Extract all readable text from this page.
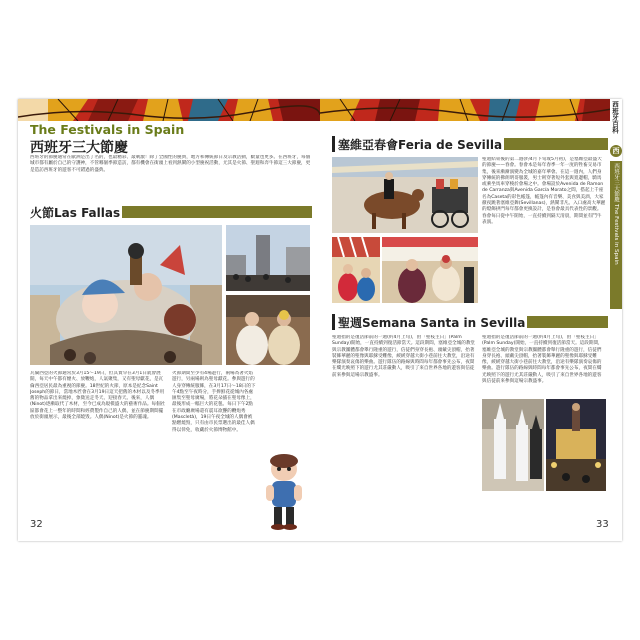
The Festivals in Spain
西班牙三大節慶
西班牙的節慶通常在歐洲是出了名的，也最精彩、最刺激！除了全國性的慶典，地方和傳統節日及宗教活動，數量也更多。在西班牙，每個城市都有屬於自己的守護神，不管哪個季節造訪，都有機會在街頭上看到熱鬧的小型慶祝活動，尤其是火節、聖週和奔牛節這三大節慶，更是造訪西班牙的遊客不可錯過的盛典。
火節Las Fallas
瓦倫西亞的火節通常於3月15～19日，但其實早在3月1日就會展開，每天中午都有煙火、放鞭炮，人氣聚集，又有聖母獻花，是瓦倫西亞居民最為重視的節慶。18世紀的火節，原本是紀念Saint Joseph的節日，當地木匠會在3月19日這天把舊的木材以及冬季用舊的物品拿出來燒掉，象徵送走冬天、迎接春天。後來，人偶(Ninot)逐漸取代了木材，至今已成為規模盛大的藝術作品。每個社區都會花上一整年的時間和經費製作自己的人偶，並在節慶期間擺放於街頭展示，最後全部燒毀。人偶(Ninot)是火節的靈魂。
火節期間至少有4場遊行，兩場為著火焰遊行，另兩場則為聖母獻花。參與遊行的人身穿傳統服飾，在3月17日～18日的下午4點至午夜時分，手捧鮮花從城內各處匯集至聖母廣場，將花朵插在聖母像上，最後形成一幅巨大的花毯。每日下午2點在市政廳廣場還有震耳欲聾的鞭炮秀(Mascletà)，19日午夜全城的人偶會被點燃燒毀，只有由市民票選出的最佳人偶得以倖免，收藏於火節博物館中。
32
塞維亞春會Feria de Sevilla
聖週結束後的第二週(約4月下旬或5月初)，是塞維亞最盛大的節慶——春會。春會本是每年春季一年一度的牲畜交易市集，後來漸漸演變為全城的嘉年華會。在這一週內，人們身穿傳統的佛朗明哥服裝，男士則穿著短外套與寬邊帽，騎馬或乘坐馬車穿梭於會場之中。會場設於Avenida de Ramon de Carranza與Avenida García Morato之間，搭起上千座名為Caseta的彩色帳篷，帳篷內有音樂、美食與美酒，大家徹夜跳著塞維亞舞(Sevillanas)，熱鬧非凡。入口處高大華麗的燈飾拱門每年都會更換設計，是春會最具代表性的景觀。春會每日從中午開始，一直持續到隔天清晨，期間並有鬥牛表演。
聖週Semana Santa in Sevilla
聖週指的是復活節前的一週(約4月上旬)，由「聖枝主日」(Palm Sunday)開始，一直持續到復活節當天。這段期間，塞維亞全城的教堂與宗教團體都會舉行隆重的遊行，信徒們身穿長袍、頭戴尖頂帽，抬著裝飾華麗的聖像與耶穌受難像，緩緩穿越大街小巷前往大教堂，沿途有樂隊演奏哀傷的樂曲。遊行隊伍的路線與時間每年都會事先公布，夜間在燭光映照下的遊行尤其莊嚴動人，吸引了來自世界各地的遊客與信徒前來參與這場宗教盛事。
聖週指的是復活節前的一週(約4月上旬)，由「聖枝主日」(Palm Sunday)開始，一直持續到復活節當天。這段期間，塞維亞全城的教堂與宗教團體都會舉行隆重的遊行，信徒們身穿長袍、頭戴尖頂帽，抬著裝飾華麗的聖像與耶穌受難像，緩緩穿越大街小巷前往大教堂，沿途有樂隊演奏哀傷的樂曲。遊行隊伍的路線與時間每年都會事先公布，夜間在燭光映照下的遊行尤其莊嚴動人，吸引了來自世界各地的遊客與信徒前來參與這場宗教盛事。
33
西班牙百科
西
西班牙三大節慶 The Festivals in Spain
